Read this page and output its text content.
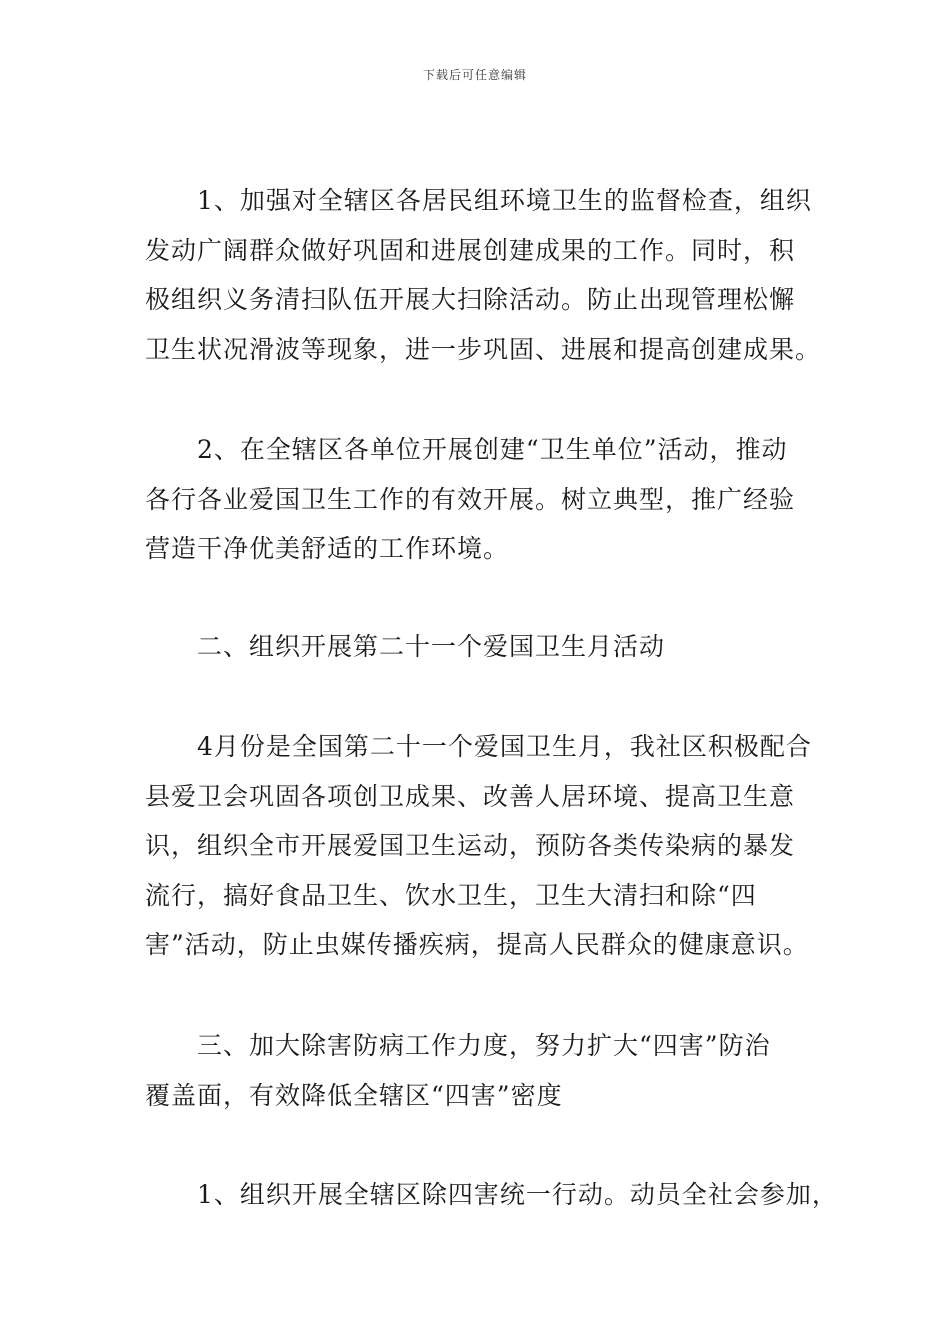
下载后可任意编辑

1、加强对全辖区各居民组环境卫生的监督检查，组织
发动广阔群众做好巩固和进展创建成果的工作。同时，积
极组织义务清扫队伍开展大扫除活动。防止出现管理松懈
卫生状况滑波等现象，进一步巩固、进展和提高创建成果。

2、在全辖区各单位开展创建“卫生单位”活动，推动
各行各业爱国卫生工作的有效开展。树立典型，推广经验
营造干净优美舒适的工作环境。

二、组织开展第二十一个爱国卫生月活动

4月份是全国第二十一个爱国卫生月，我社区积极配合
县爱卫会巩固各项创卫成果、改善人居环境、提高卫生意
识，组织全市开展爱国卫生运动，预防各类传染病的暴发
流行，搞好食品卫生、饮水卫生，卫生大清扫和除“四
害”活动，防止虫媒传播疾病，提高人民群众的健康意识。

三、加大除害防病工作力度，努力扩大“四害”防治
覆盖面，有效降低全辖区“四害”密度

1、组织开展全辖区除四害统一行动。动员全社会参加，
